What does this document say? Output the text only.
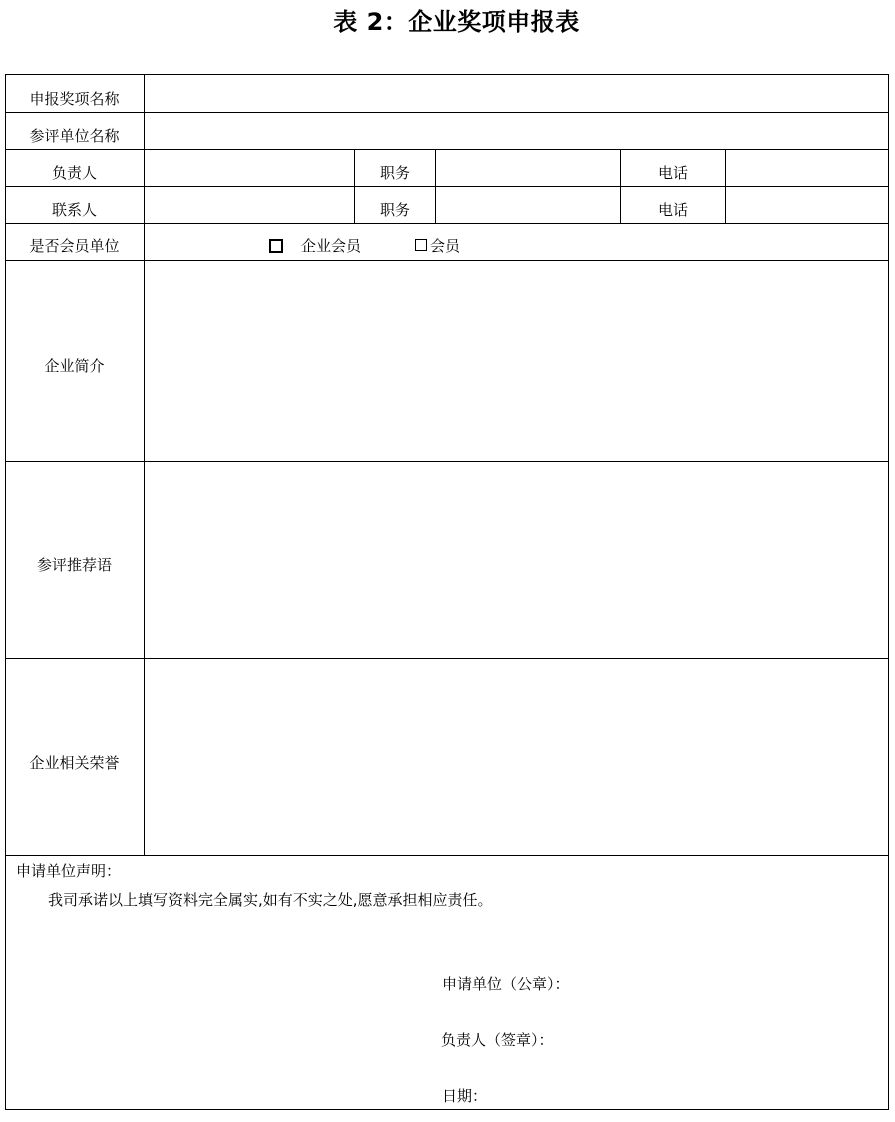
表 2：企业奖项申报表
申报奖项名称
参评单位名称
负责人	职务	电话
联系人	职务	电话
是否会员单位	企业会员	会员
企业简介
参评推荐语
企业相关荣誉
申请单位声明：
我司承诺以上填写资料完全属实,如有不实之处,愿意承担相应责任。
申请单位（公章）：
负责人（签章）：
日期：
